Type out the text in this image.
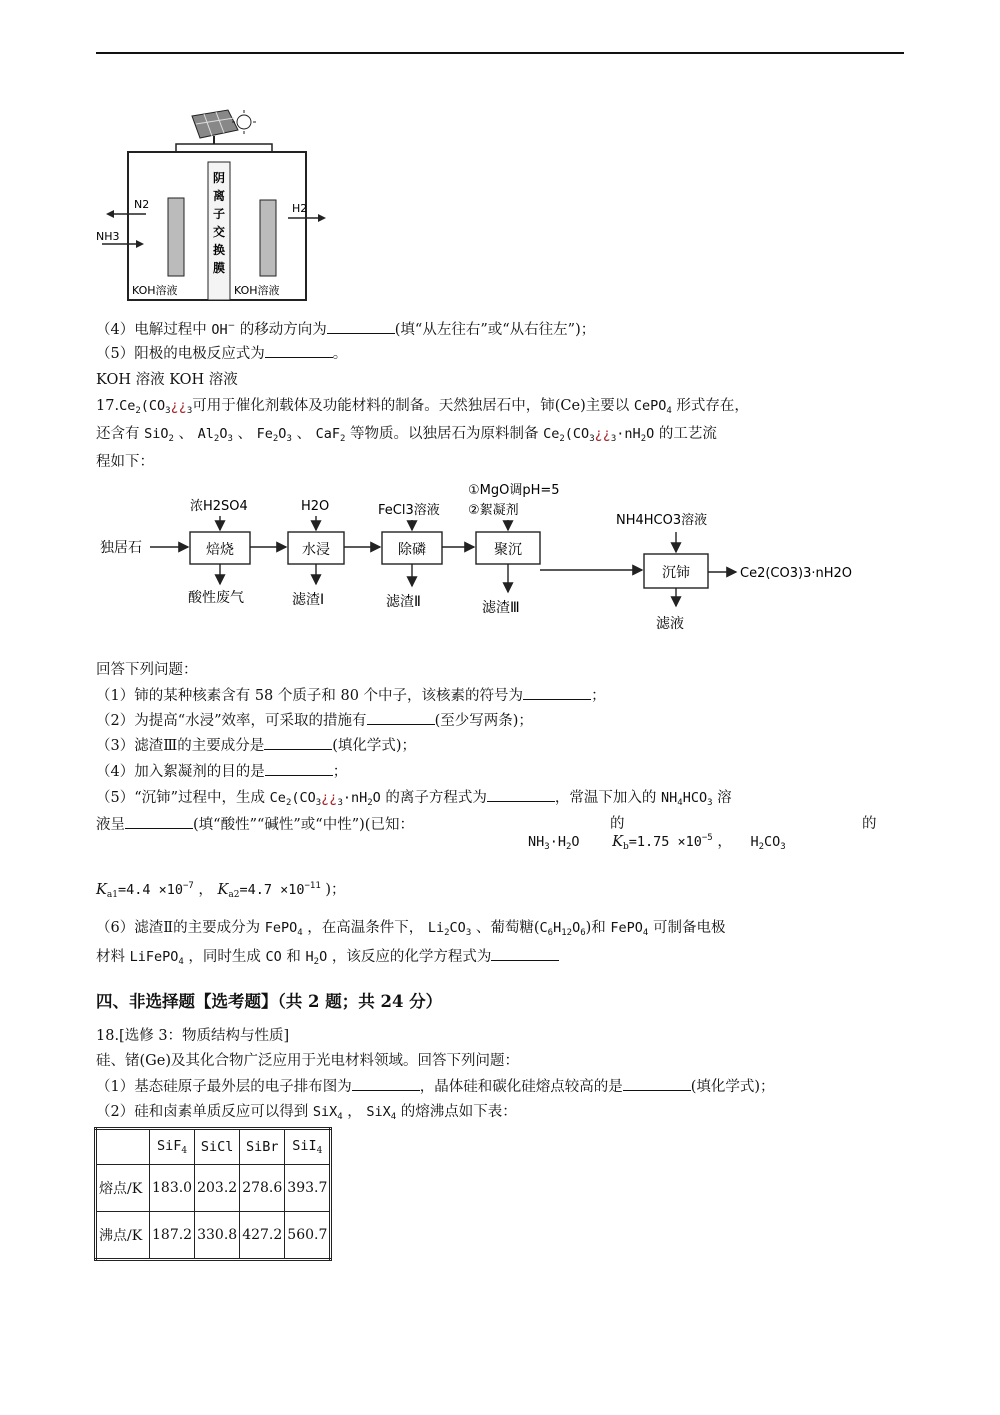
阴
离
子
交
换
膜
N2
NH3
H2
KOH溶液	KOH溶液
（4）电解过程中 OH− 的移动方向为	(填“从左往右”或“从右往左”)；
（5）阳极的电极反应式为	。
KOH 溶液 KOH 溶液
$17.Ce_2(CO_3¿¿_3$可用于催化剂载体及功能材料的制备。天然独居石中，铈(Ce)主要以 CePO$_4$ 形式存在，
还含有 SiO$_2$ 、 $Al_2O_3$ 、 $Fe_2O_3$ 、 CaF$_2$ 等物质。以独居石为原料制备 $Ce_2(CO_3¿¿_3\cdot nH_2O$ 的工艺流
程如下：
独居石	焙烧	水浸	除磷	聚沉
沉铈	Ce2(CO3)3·nH2O
浓H2SO4	H2O	FeCl3溶液
①MgO调pH=5
②絮凝剂
NH4HCO3溶液
酸性废气	滤渣Ⅰ	滤渣Ⅱ	滤渣Ⅲ
滤液
回答下列问题：
（1）铈的某种核素含有 58 个质子和 80 个中子，该核素的符号为	；
（2）为提高“水浸”效率，可采取的措施有	(至少写两条)；
（3）滤渣Ⅲ的主要成分是	(填化学式)；
（4）加入絮凝剂的目的是	；
（5）“沉铈”过程中，生成 $Ce_2(CO_3¿¿_3\cdot nH_2O$ 的离子方程式为	，常温下加入的 $NH_4HCO_3$ 溶
液呈	(填“酸性”“碱性”或“中性”)(已知：	的
$NH_3\cdot H_2O$ $K_b=1.75 \times 10^{-5}$ ， $H_2CO_3$
的
$K_{a1}=4.4 \times 10^{-7}$ ， $K_{a2}=4.7 \times 10^{-11}$ )；
（6）滤渣Ⅱ的主要成分为 FePO$_4$ ，在高温条件下， $Li_2CO_3$ 、葡萄糖$(C_6H_{12}O_6)$和 FePO$_4$ 可制备电极
材料 LiFePO$_4$ ，同时生成 CO 和 $H_2O$ ，该反应的化学方程式为
四、非选择题【选考题】（共 2 题；共 24 分）
18.[选修 3：物质结构与性质]
硅、锗(Ge)及其化合物广泛应用于光电材料领域。回答下列问题：
（1）基态硅原子最外层的电子排布图为	，晶体硅和碳化硅熔点较高的是	(填化学式)；
（2）硅和卤素单质反应可以得到 SiX$_4$ ， SiX$_4$ 的熔沸点如下表：
	SiF$_4$	SiCl	SiBr	SiI$_4$
熔点/K	183.0	203.2	278.6	393.7
沸点/K	187.2	330.8	427.2	560.7
